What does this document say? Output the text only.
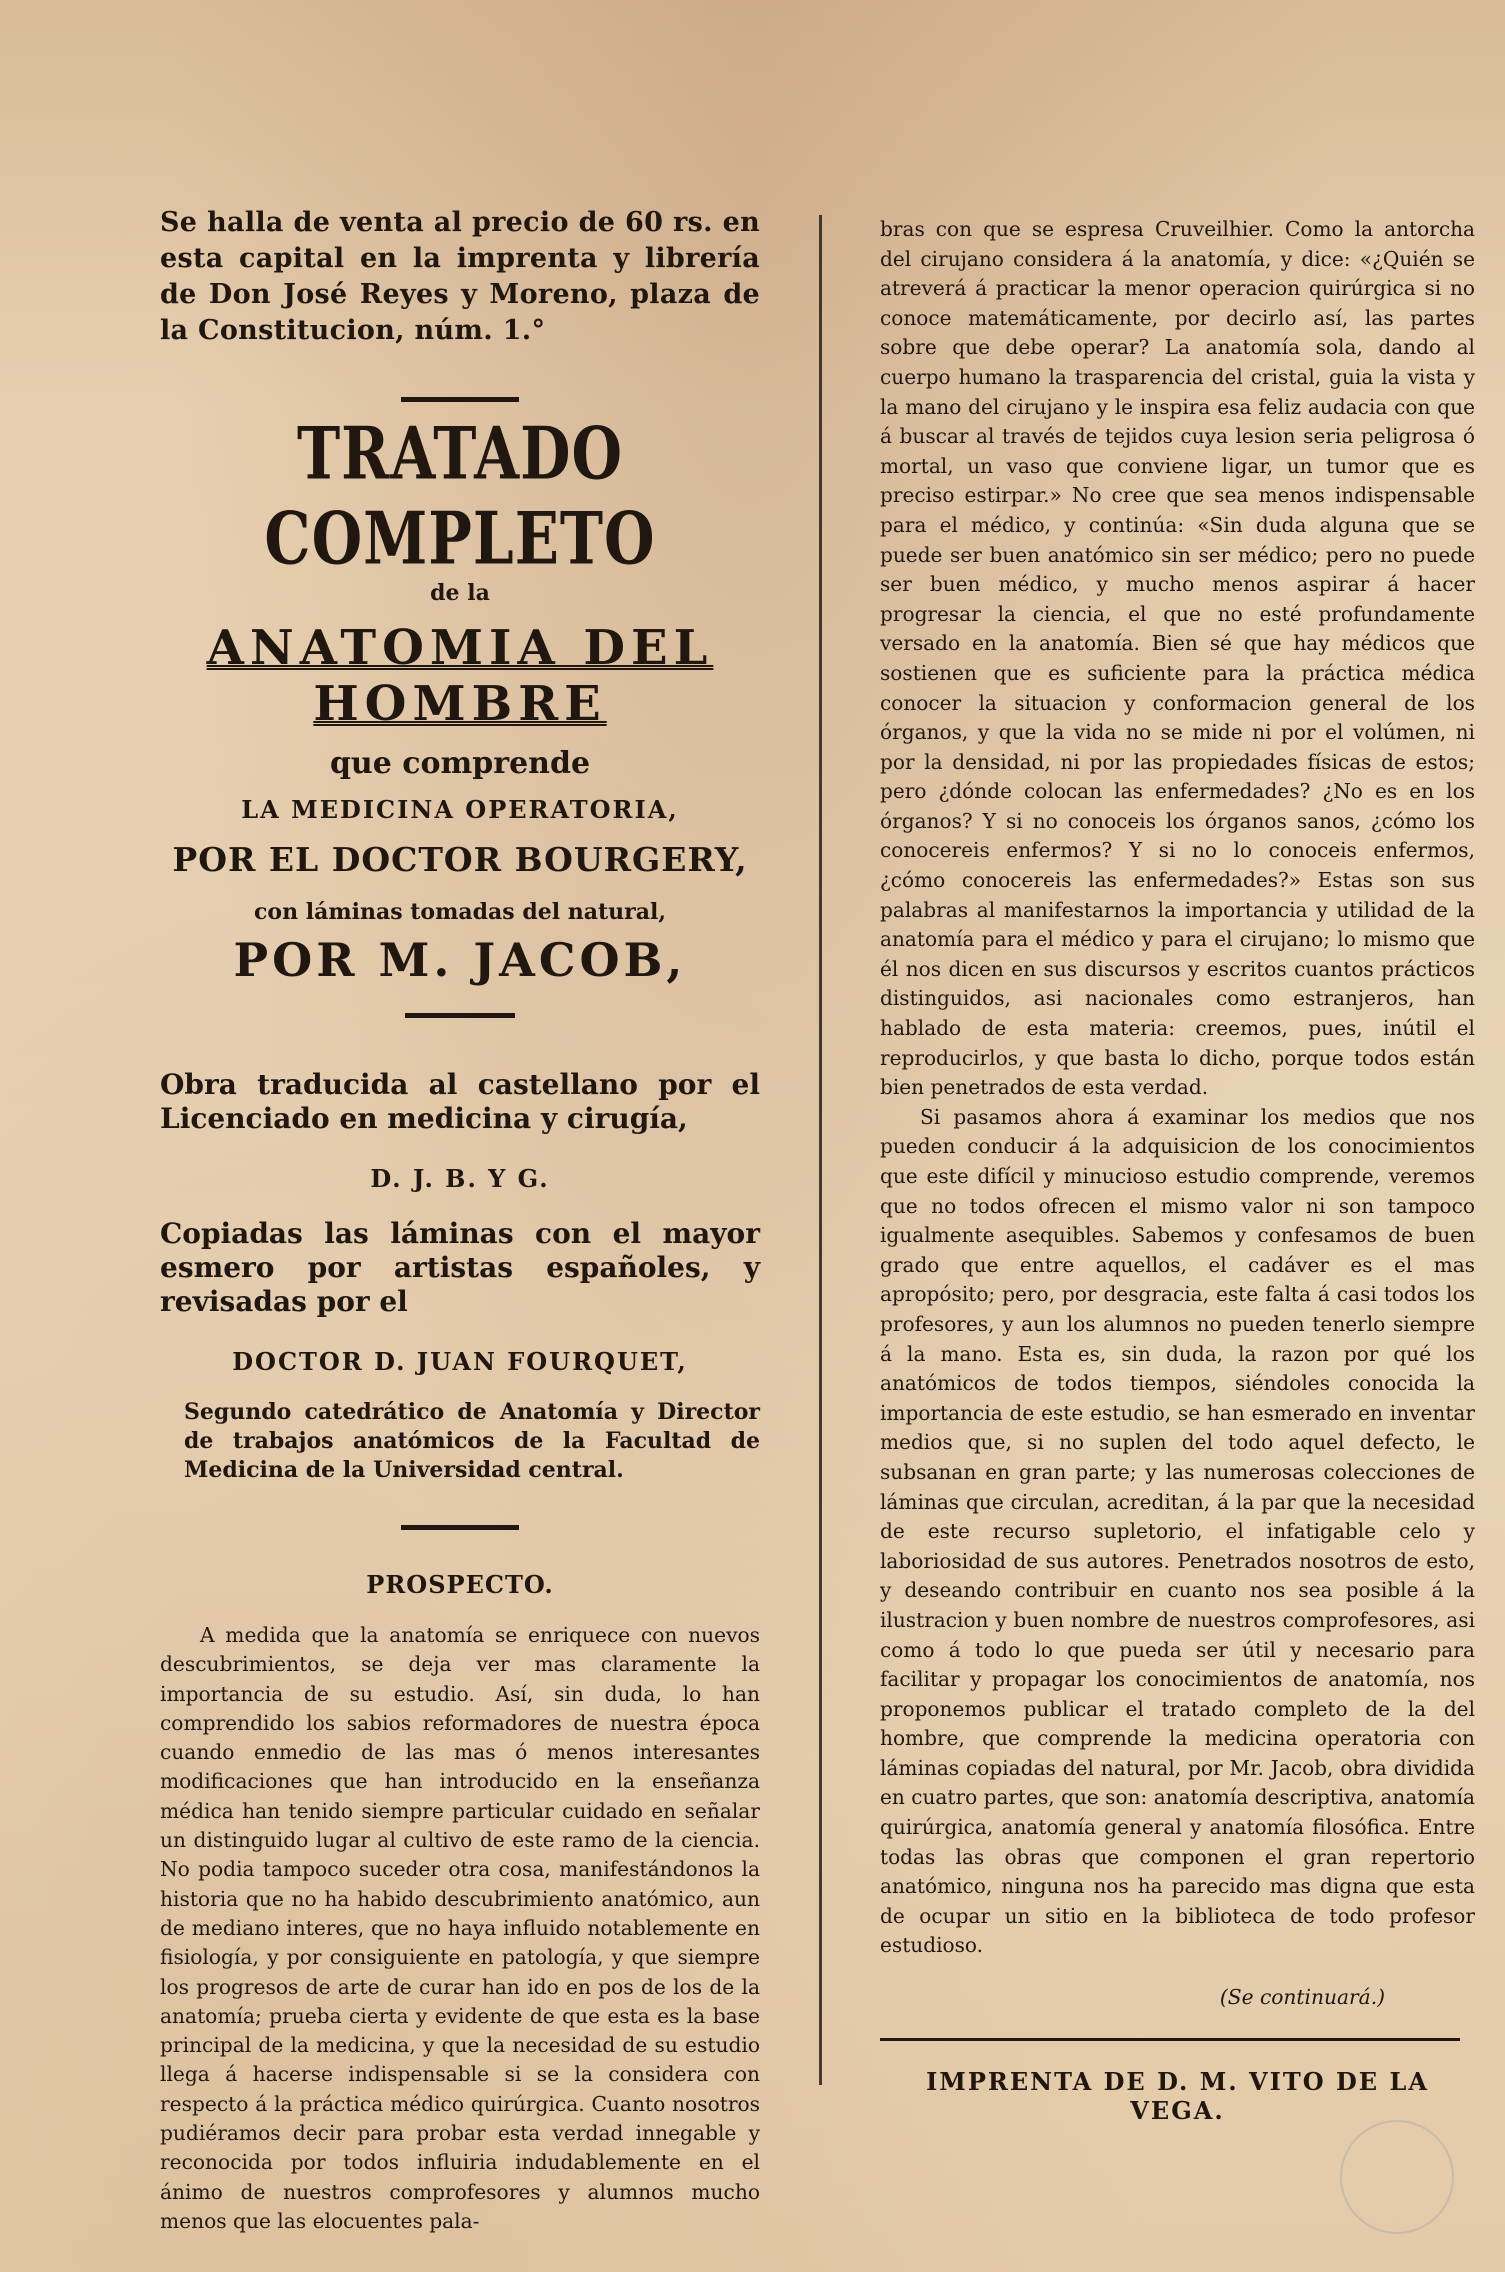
Se halla de venta al precio de 60 rs. en esta capital en la imprenta y librería de Don José Reyes y Moreno, plaza de la Constitucion, núm. 1.°

TRATADO COMPLETO

de la

ANATOMIA DEL HOMBRE

que comprende

LA MEDICINA OPERATORIA,

POR EL DOCTOR BOURGERY,

con láminas tomadas del natural,

POR M. JACOB,

Obra traducida al castellano por el Licenciado en medicina y cirugía,

D. J. B. Y G.

Copiadas las láminas con el mayor esmero por artistas españoles, y revisadas por el

DOCTOR D. JUAN FOURQUET,

Segundo catedrático de Anatomía y Director de trabajos anatómicos de la Facultad de Medicina de la Universidad central.

PROSPECTO.

A medida que la anatomía se enriquece con nuevos descubrimientos, se deja ver mas claramente la importancia de su estudio. Así, sin duda, lo han comprendido los sabios reformadores de nuestra época cuando enmedio de las mas ó menos interesantes modificaciones que han introducido en la enseñanza médica han tenido siempre particular cuidado en señalar un distinguido lugar al cultivo de este ramo de la ciencia. No podia tampoco suceder otra cosa, manifestándonos la historia que no ha habido descubrimiento anatómico, aun de mediano interes, que no haya influido notablemente en fisiología, y por consiguiente en patología, y que siempre los progresos de arte de curar han ido en pos de los de la anatomía; prueba cierta y evidente de que esta es la base principal de la medicina, y que la necesidad de su estudio llega á hacerse indispensable si se la considera con respecto á la práctica médico quirúrgica. Cuanto nosotros pudiéramos decir para probar esta verdad innegable y reconocida por todos influiria indudablemente en el ánimo de nuestros comprofesores y alumnos mucho menos que las elocuentes pala-

bras con que se espresa Cruveilhier. Como la antorcha del cirujano considera á la anatomía, y dice: «¿Quién se atreverá á practicar la menor operacion quirúrgica si no conoce matemáticamente, por decirlo así, las partes sobre que debe operar? La anatomía sola, dando al cuerpo humano la trasparencia del cristal, guia la vista y la mano del cirujano y le inspira esa feliz audacia con que á buscar al través de tejidos cuya lesion seria peligrosa ó mortal, un vaso que conviene ligar, un tumor que es preciso estirpar.» No cree que sea menos indispensable para el médico, y continúa: «Sin duda alguna que se puede ser buen anatómico sin ser médico; pero no puede ser buen médico, y mucho menos aspirar á hacer progresar la ciencia, el que no esté profundamente versado en la anatomía. Bien sé que hay médicos que sostienen que es suficiente para la práctica médica conocer la situacion y conformacion general de los órganos, y que la vida no se mide ni por el volúmen, ni por la densidad, ni por las propiedades físicas de estos; pero ¿dónde colocan las enfermedades? ¿No es en los órganos? Y si no conoceis los órganos sanos, ¿cómo los conocereis enfermos? Y si no lo conoceis enfermos, ¿cómo conocereis las enfermedades?» Estas son sus palabras al manifestarnos la importancia y utilidad de la anatomía para el médico y para el cirujano; lo mismo que él nos dicen en sus discursos y escritos cuantos prácticos distinguidos, asi nacionales como estranjeros, han hablado de esta materia: creemos, pues, inútil el reproducirlos, y que basta lo dicho, porque todos están bien penetrados de esta verdad.

Si pasamos ahora á examinar los medios que nos pueden conducir á la adquisicion de los conocimientos que este difícil y minucioso estudio comprende, veremos que no todos ofrecen el mismo valor ni son tampoco igualmente asequibles. Sabemos y confesamos de buen grado que entre aquellos, el cadáver es el mas apropósito; pero, por desgracia, este falta á casi todos los profesores, y aun los alumnos no pueden tenerlo siempre á la mano. Esta es, sin duda, la razon por qué los anatómicos de todos tiempos, siéndoles conocida la importancia de este estudio, se han esmerado en inventar medios que, si no suplen del todo aquel defecto, le subsanan en gran parte; y las numerosas colecciones de láminas que circulan, acreditan, á la par que la necesidad de este recurso supletorio, el infatigable celo y laboriosidad de sus autores. Penetrados nosotros de esto, y deseando contribuir en cuanto nos sea posible á la ilustracion y buen nombre de nuestros comprofesores, asi como á todo lo que pueda ser útil y necesario para facilitar y propagar los conocimientos de anatomía, nos proponemos publicar el tratado completo de la del hombre, que comprende la medicina operatoria con láminas copiadas del natural, por Mr. Jacob, obra dividida en cuatro partes, que son: anatomía descriptiva, anatomía quirúrgica, anatomía general y anatomía filosófica. Entre todas las obras que componen el gran repertorio anatómico, ninguna nos ha parecido mas digna que esta de ocupar un sitio en la biblioteca de todo profesor estudioso.

(Se continuará.)

IMPRENTA DE D. M. VITO DE LA VEGA.
